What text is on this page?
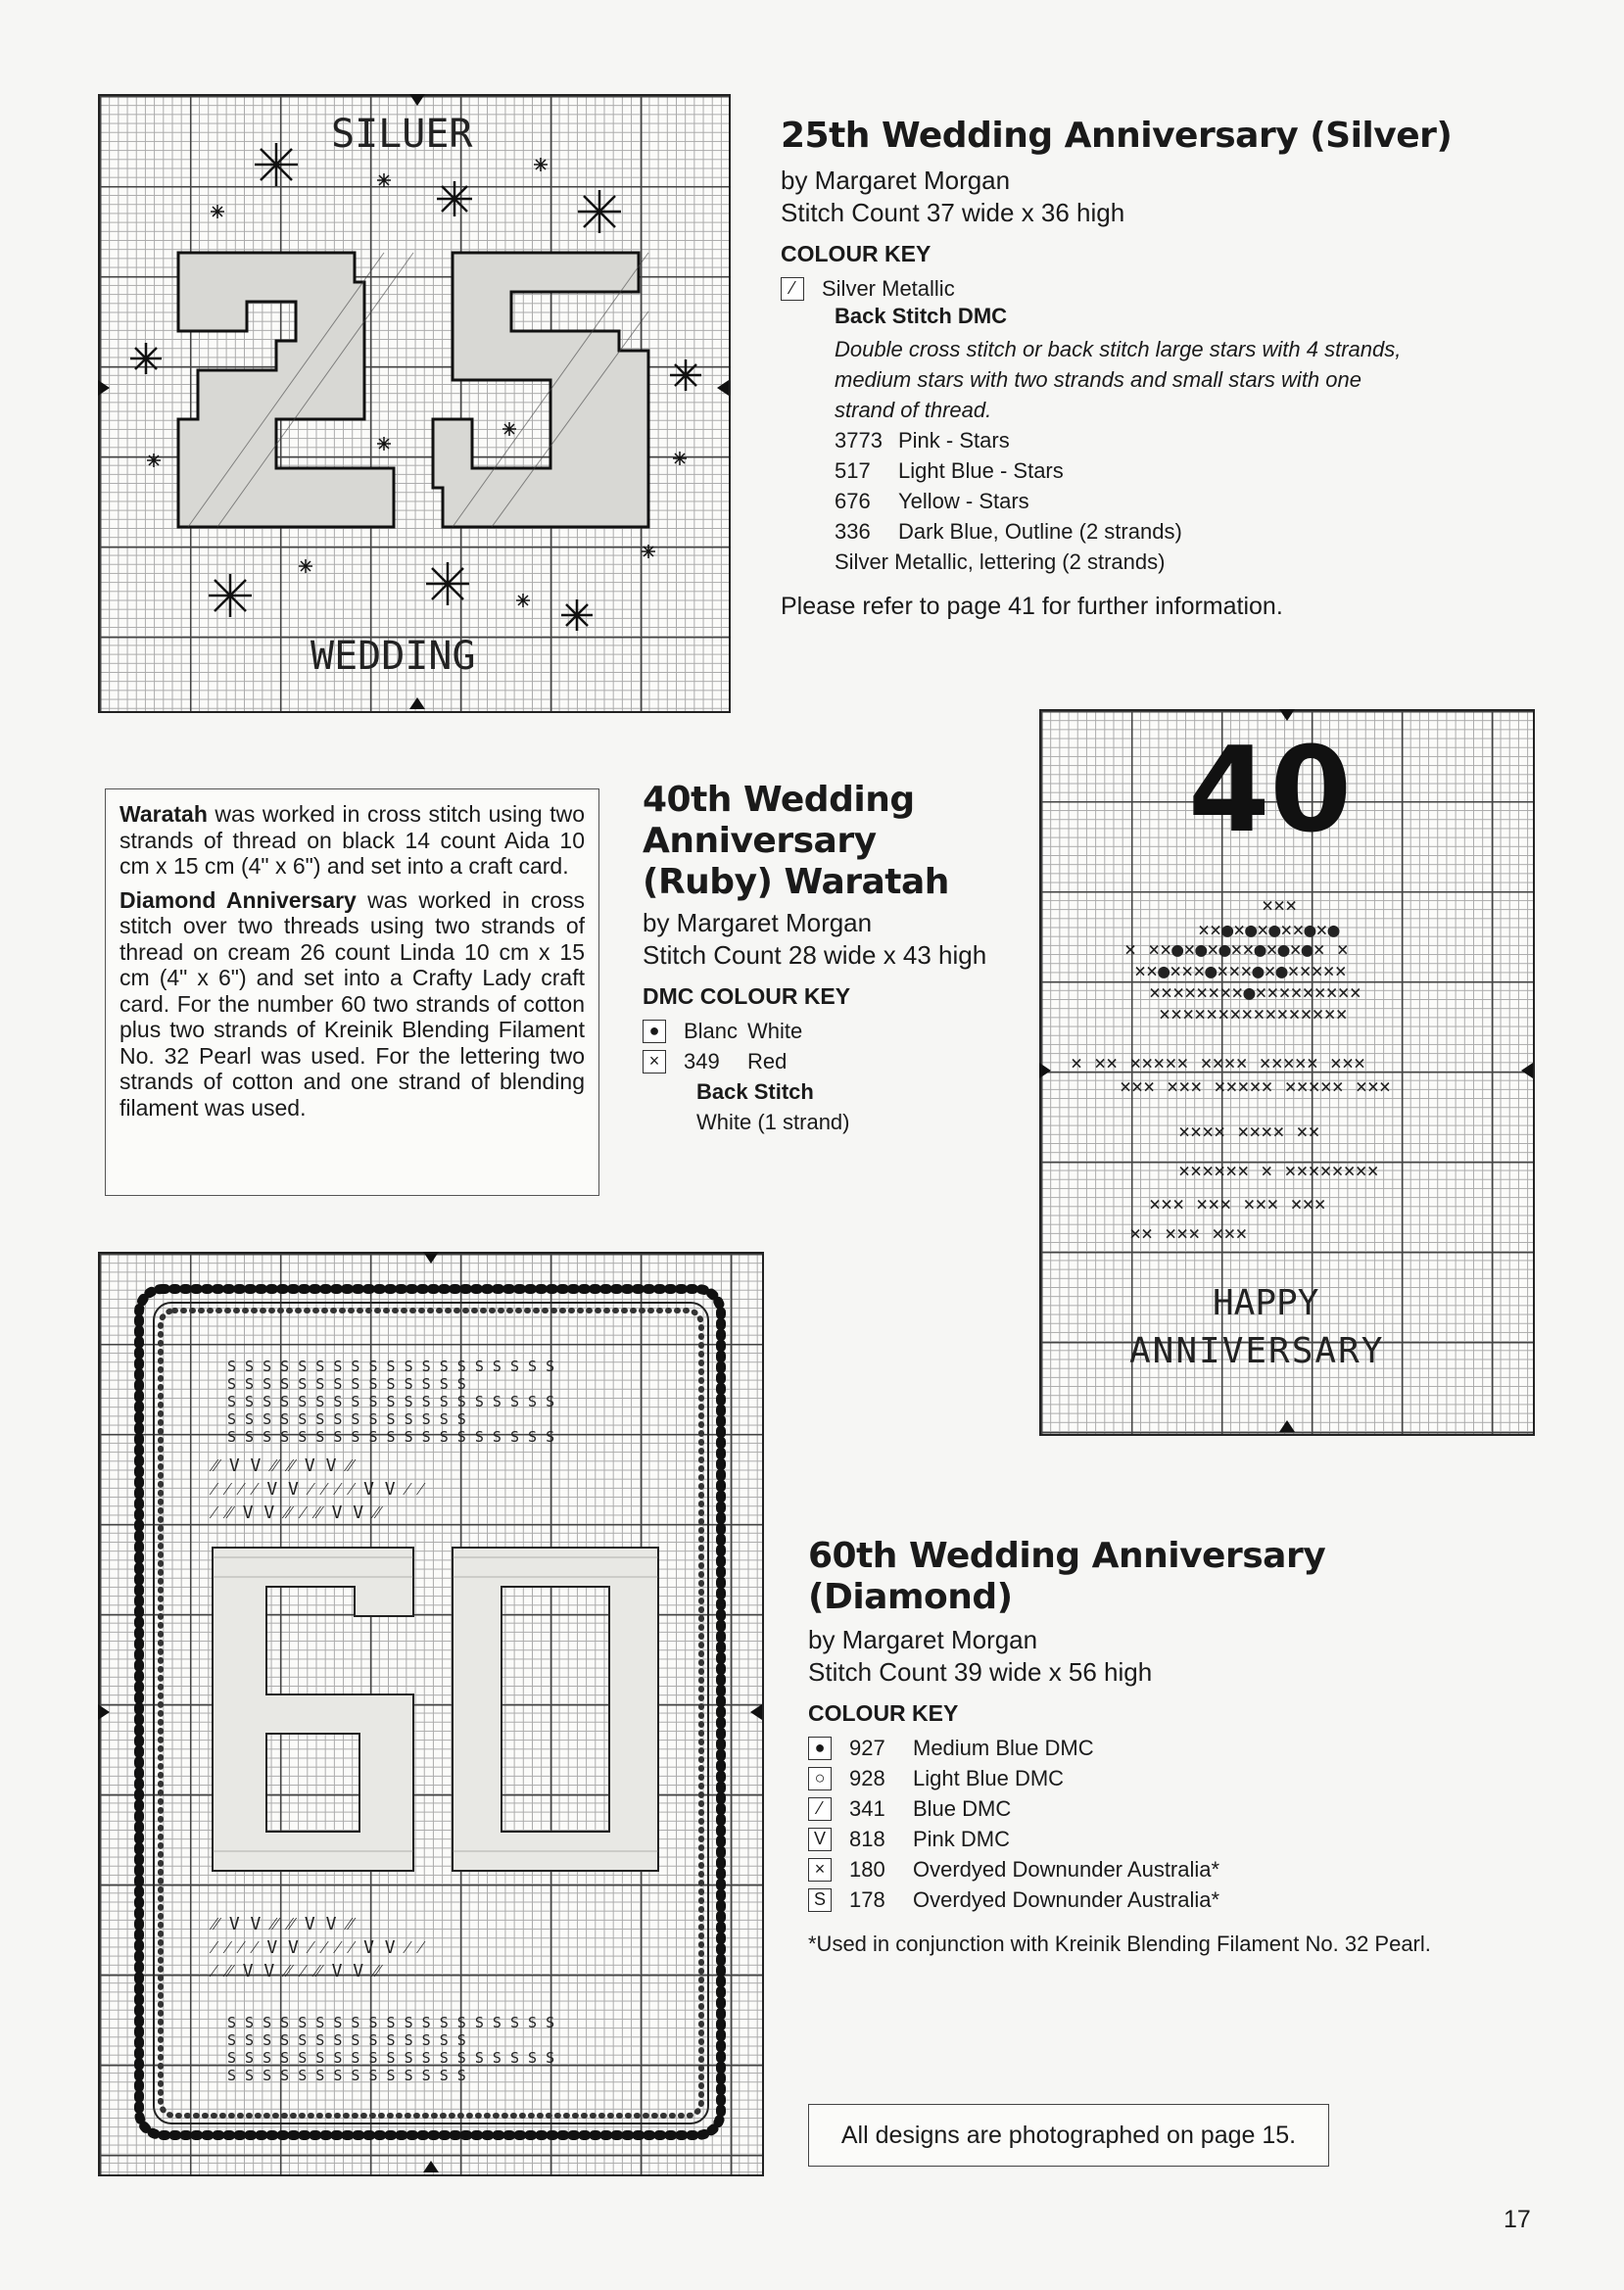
SILUER
WEDDING
25th Wedding Anniversary (Silver)
by Margaret Morgan
Stitch Count 37 wide x 36 high
COLOUR KEY
⁄	Silver Metallic
Back Stitch DMC
Double cross stitch or back stitch large stars with 4 strands, medium stars with two strands and small stars with one strand of thread.
3773 Pink - Stars
517	Light Blue - Stars
676	Yellow - Stars
336	Dark Blue, Outline (2 strands)
Silver Metallic, lettering (2 strands)
Please refer to page 41 for further information.
40
×××
××●×●×●××●×●
× ××●×●×●××●×●×●× ×
××●×××●×××●×●×××××
××××××××●×××××××××
××××××××××××××××
× ×× ××××× ×××× ××××× ×××
××× ××× ××××× ××××× ×××
×××× ×××× ××
×××××× × ××××××××
××× ××× ××× ×××
×× ××× ×××
HAPPY
ANNIVERSARY

Waratah was worked in cross stitch using two strands of thread on black 14 count Aida 10 cm x 15 cm (4" x 6") and set into a craft card.

Diamond Anniversary was worked in cross stitch over two threads using two strands of thread on cream 26 count Linda 10 cm x 15 cm (4" x 6") and set into a Crafty Lady craft card. For the number 60 two strands of cotton plus two strands of Kreinik Blending Filament No. 32 Pearl was used. For the lettering two strands of cotton and one strand of blending filament was used.

40th Wedding
Anniversary
(Ruby) Waratah
by Margaret Morgan
Stitch Count 28 wide x 43 high
DMC COLOUR KEY
● Blanc White
×	349	Red
Back Stitch
White (1 strand)
S S S S S S S S S S S S S S S S S S S
S S S S S S S S S S S S S S
S S S S S S S S S S S S S S S S S S S
S S S S S S S S S S S S S S
S S S S S S S S S S S S S S S S S S S
S S S S S S S S S S S S S S S S S S S
S S S S S S S S S S S S S S
S S S S S S S S S S S S S S S S S S S
S S S S S S S S S S S S S S
⁄⁄ V V ⁄⁄ ⁄⁄ V V ⁄⁄
⁄ ⁄ ⁄ ⁄ V V ⁄ ⁄ ⁄ ⁄ V V ⁄ ⁄
⁄ ⁄⁄ V V ⁄⁄ ⁄ ⁄⁄ V V ⁄⁄
⁄⁄ V V ⁄⁄ ⁄⁄ V V ⁄⁄
⁄ ⁄ ⁄ ⁄ V V ⁄ ⁄ ⁄ ⁄ V V ⁄ ⁄
⁄ ⁄⁄ V V ⁄⁄ ⁄ ⁄⁄ V V ⁄⁄
60th Wedding Anniversary
(Diamond)
by Margaret Morgan
Stitch Count 39 wide x 56 high
COLOUR KEY
● 927	Medium Blue DMC
○ 928	Light Blue DMC
⁄	341	Blue DMC
V 818	Pink DMC
×	180	Overdyed Downunder Australia*
S 178	Overdyed Downunder Australia*
*Used in conjunction with Kreinik Blending Filament No. 32 Pearl.
All designs are photographed on page 15.
17
